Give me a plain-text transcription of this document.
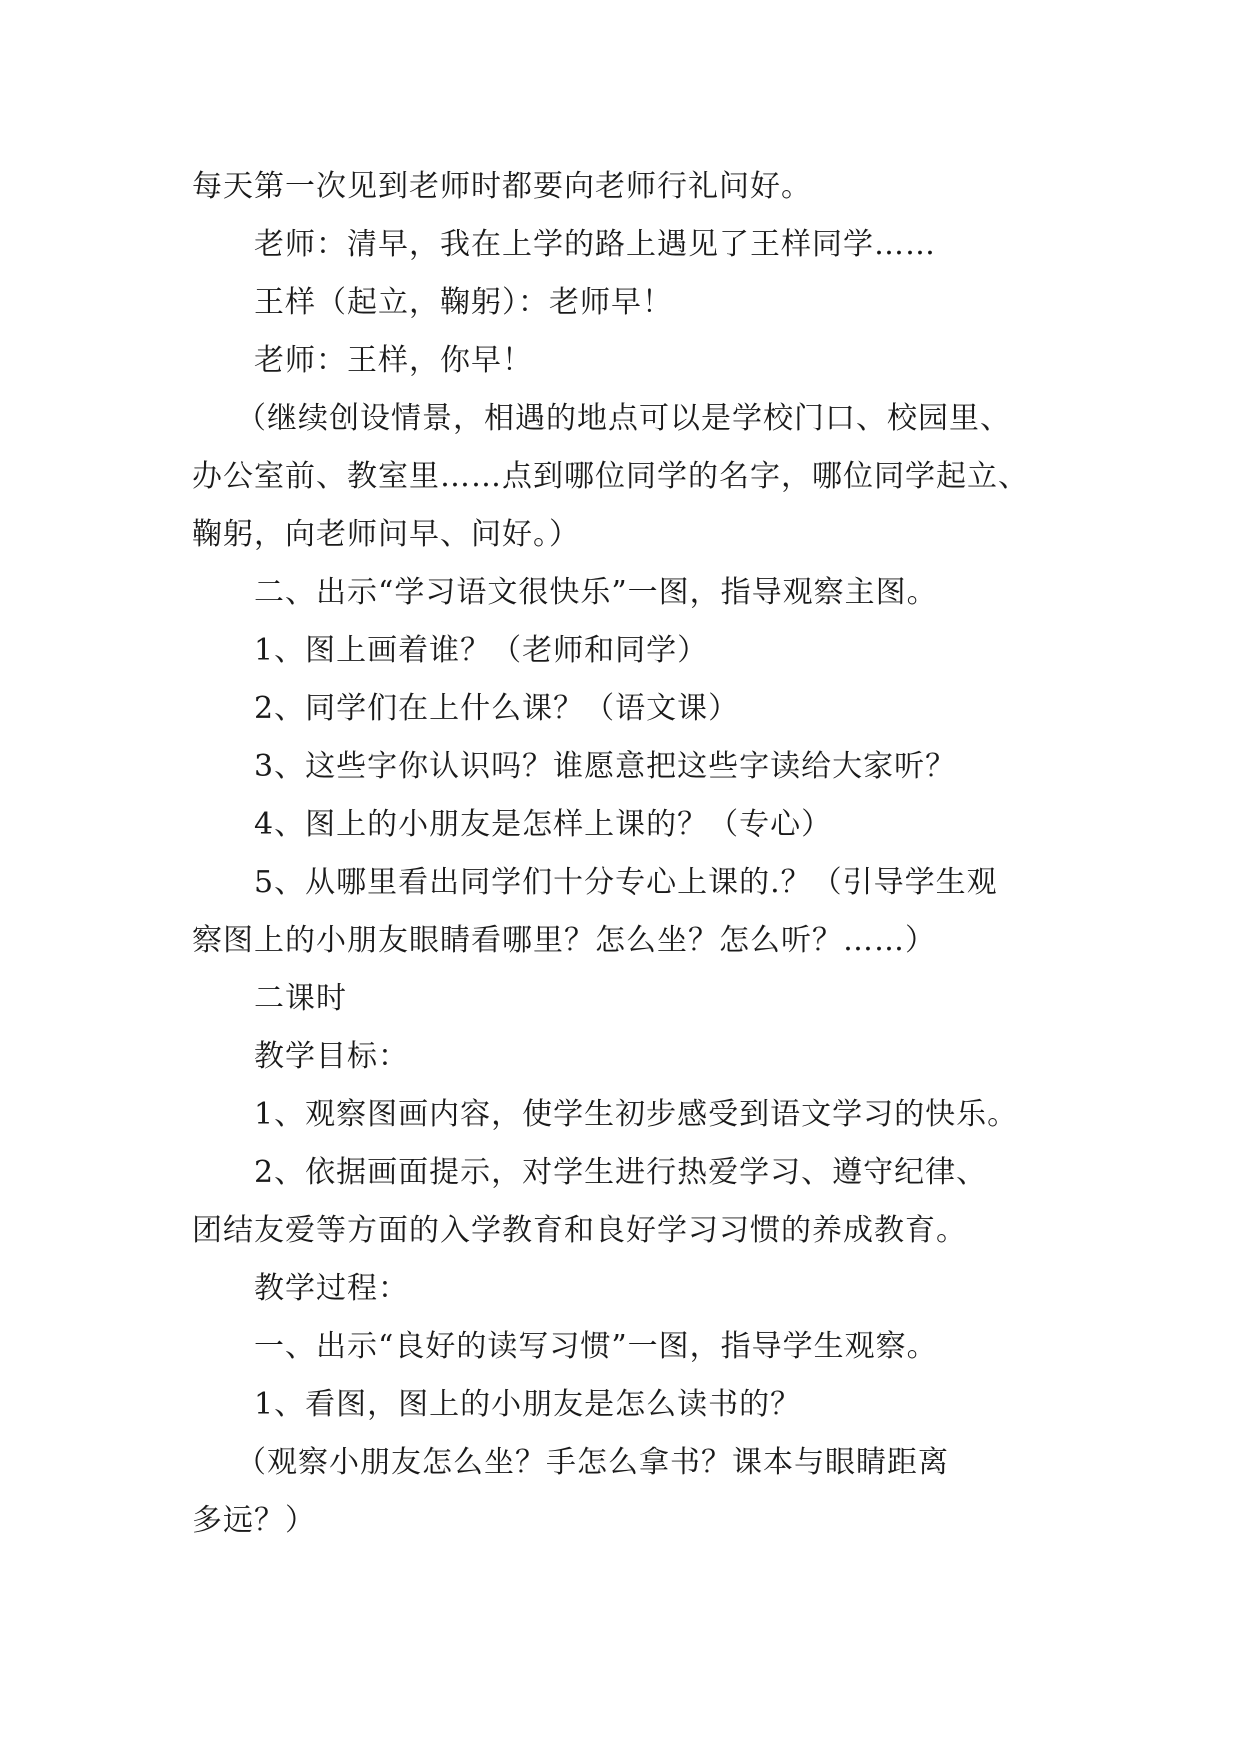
每天第一次见到老师时都要向老师行礼问好。
老师：清早，我在上学的路上遇见了王样同学……
王样（起立，鞠躬）：老师早！
老师：王样，你早！
（继续创设情景，相遇的地点可以是学校门口、校园里、
办公室前、教室里……点到哪位同学的名字，哪位同学起立、
鞠躬，向老师问早、问好。）
二、出示“学习语文很快乐”一图，指导观察主图。
1、图上画着谁？（老师和同学）
2、同学们在上什么课？（语文课）
3、这些字你认识吗？谁愿意把这些字读给大家听？
4、图上的小朋友是怎样上课的？（专心）
5、从哪里看出同学们十分专心上课的.？（引导学生观
察图上的小朋友眼睛看哪里？怎么坐？怎么听？……）
二课时
教学目标：
1、观察图画内容，使学生初步感受到语文学习的快乐。
2、依据画面提示，对学生进行热爱学习、遵守纪律、
团结友爱等方面的入学教育和良好学习习惯的养成教育。
教学过程：
一、出示“良好的读写习惯”一图，指导学生观察。
1、看图，图上的小朋友是怎么读书的？
（观察小朋友怎么坐？手怎么拿书？课本与眼睛距离
多远？）
